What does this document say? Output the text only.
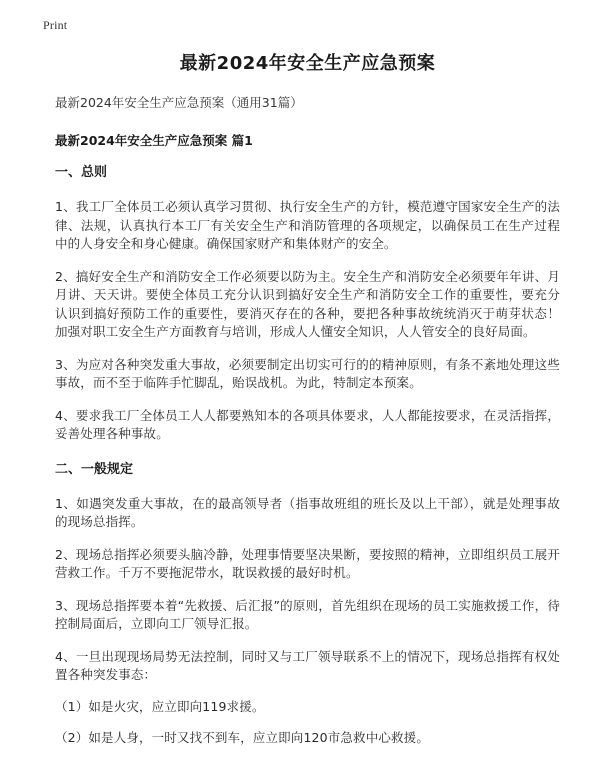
Print
最新2024年安全生产应急预案
最新2024年安全生产应急预案（通用31篇）
最新2024年安全生产应急预案 篇1
一、总则
1、我工厂全体员工必须认真学习贯彻、执行安全生产的方针，模范遵守国家安全生产的法律、法规，认真执行本工厂有关安全生产和消防管理的各项规定，以确保员工在生产过程中的人身安全和身心健康。确保国家财产和集体财产的安全。
2、搞好安全生产和消防安全工作必须要以防为主。安全生产和消防安全必须要年年讲、月月讲、天天讲。要使全体员工充分认识到搞好安全生产和消防安全工作的重要性，要充分认识到搞好预防工作的重要性，要消灭存在的各种，要把各种事故统统消灭于萌芽状态！加强对职工安全生产方面教育与培训，形成人人懂安全知识，人人管安全的良好局面。
3、为应对各种突发重大事故，必须要制定出切实可行的的精神原则，有条不紊地处理这些事故，而不至于临阵手忙脚乱，贻误战机。为此，特制定本预案。
4、要求我工厂全体员工人人都要熟知本的各项具体要求，人人都能按要求，在灵活指挥，妥善处理各种事故。
二、一般规定
1、如遇突发重大事故，在的最高领导者（指事故班组的班长及以上干部），就是处理事故的现场总指挥。
2、现场总指挥必须要头脑冷静，处理事情要坚决果断，要按照的精神，立即组织员工展开营救工作。千万不要拖泥带水，耽误救援的最好时机。
3、现场总指挥要本着“先救援、后汇报”的原则，首先组织在现场的员工实施救援工作，待控制局面后，立即向工厂领导汇报。
4、一旦出现现场局势无法控制，同时又与工厂领导联系不上的情况下，现场总指挥有权处置各种突发事态：
（1）如是火灾，应立即向119求援。
（2）如是人身，一时又找不到车，应立即向120市急救中心救援。
